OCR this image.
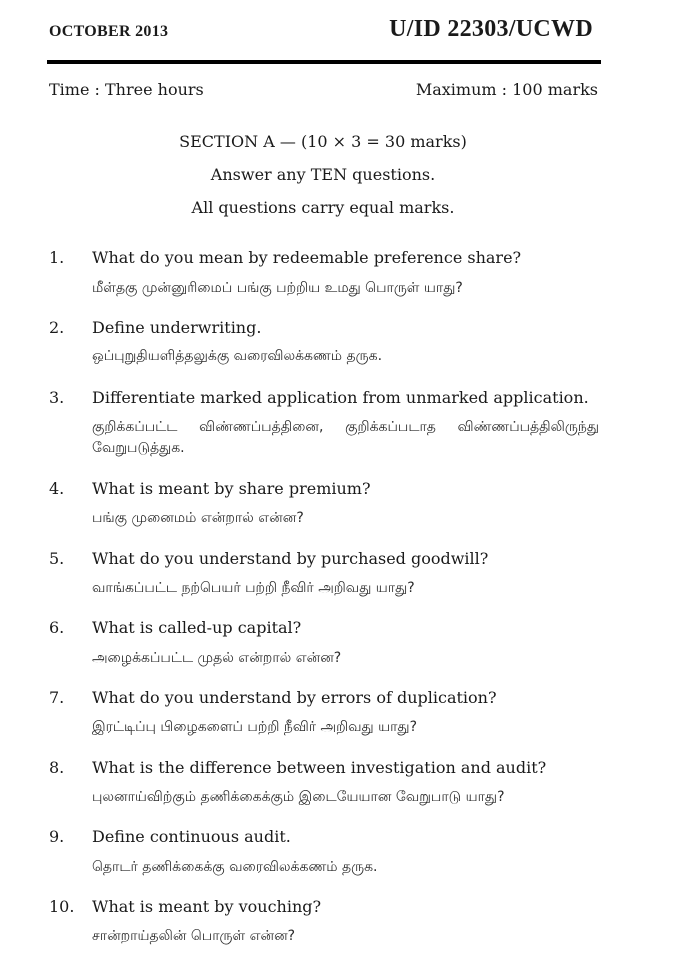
OCTOBER 2013	U/ID 22303/UCWD
Time : Three hours	Maximum : 100 marks
SECTION A — (10 × 3 = 30 marks)
Answer any TEN questions.
All questions carry equal marks.
1. What do you mean by redeemable preference share?
மீள்தகு முன்னுரிமைப் பங்கு பற்றிய உமது பொருள் யாது?
2. Define underwriting.
ஒப்புறுதியளித்தலுக்கு வரைவிலக்கணம் தருக.
3. Differentiate marked application from unmarked application.
குறிக்கப்பட்ட விண்ணப்பத்தினை, குறிக்கப்படாத விண்ணப்பத்திலிருந்து வேறுபடுத்துக.
4. What is meant by share premium?
பங்கு முனைமம் என்றால் என்ன?
5. What do you understand by purchased goodwill?
வாங்கப்பட்ட நற்பெயர் பற்றி நீவிர் அறிவது யாது?
6. What is called-up capital?
அழைக்கப்பட்ட முதல் என்றால் என்ன?
7. What do you understand by errors of duplication?
இரட்டிப்பு பிழைகளைப் பற்றி நீவிர் அறிவது யாது?
8. What is the difference between investigation and audit?
புலனாய்விற்கும் தணிக்கைக்கும் இடையேயான வேறுபாடு யாது?
9. Define continuous audit.
தொடர் தணிக்கைக்கு வரைவிலக்கணம் தருக.
10. What is meant by vouching?
சான்றாய்தலின் பொருள் என்ன?
